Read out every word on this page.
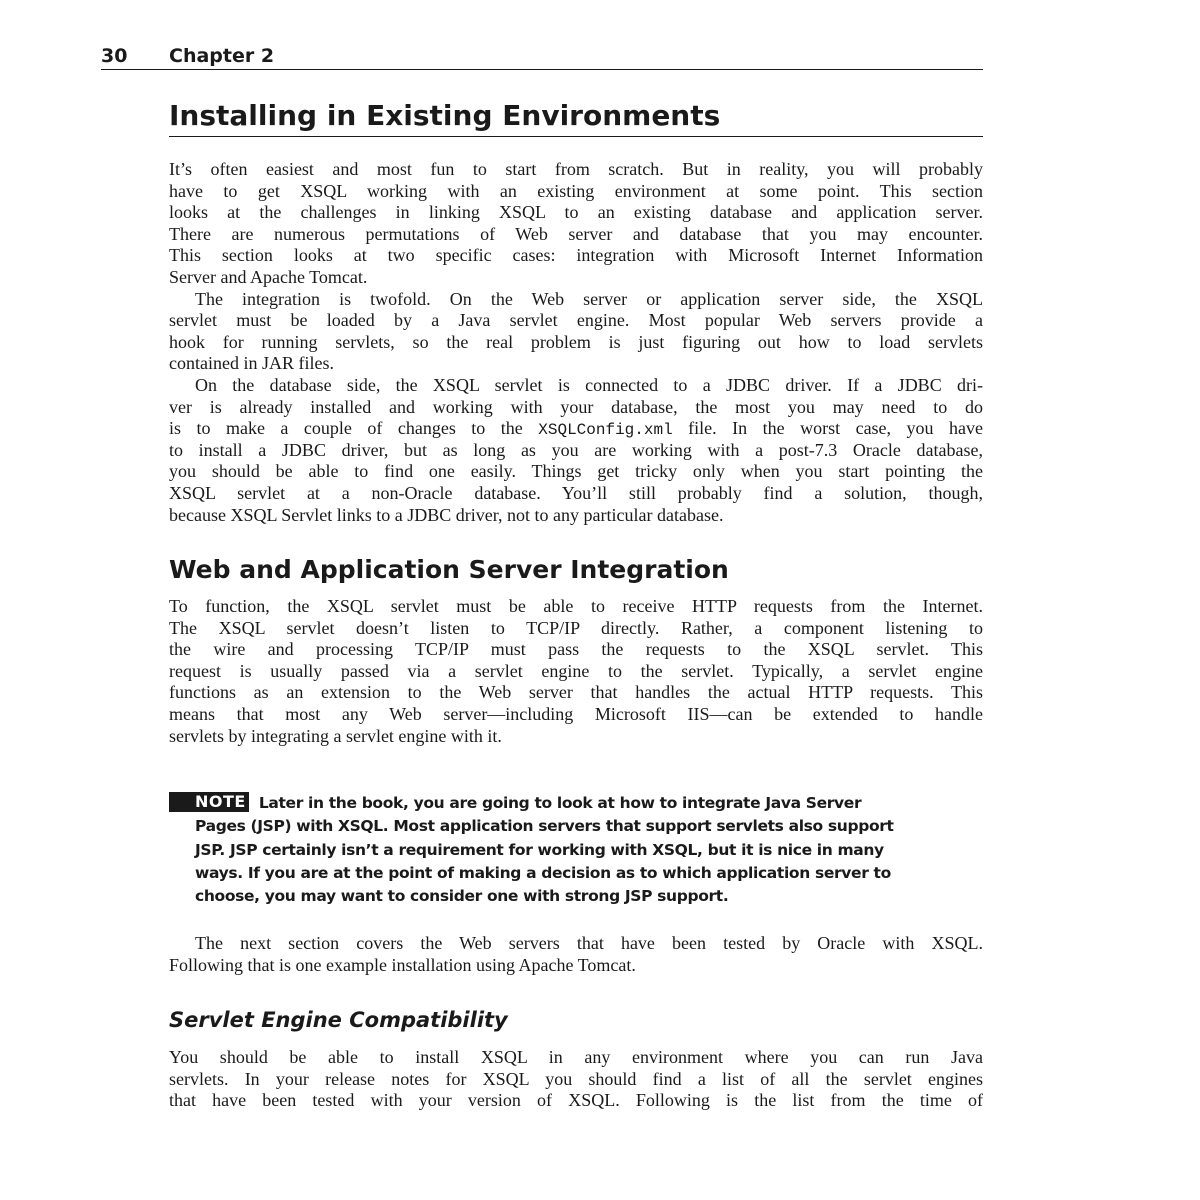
30 Chapter 2
Installing in Existing Environments
It’s often easiest and most fun to start from scratch. But in reality, you will probably
have to get XSQL working with an existing environment at some point. This section
looks at the challenges in linking XSQL to an existing database and application server.
There are numerous permutations of Web server and database that you may encounter.
This section looks at two specific cases: integration with Microsoft Internet Information
Server and Apache Tomcat.
The integration is twofold. On the Web server or application server side, the XSQL
servlet must be loaded by a Java servlet engine. Most popular Web servers provide a
hook for running servlets, so the real problem is just figuring out how to load servlets
contained in JAR files.
On the database side, the XSQL servlet is connected to a JDBC driver. If a JDBC dri-
ver is already installed and working with your database, the most you may need to do
is to make a couple of changes to the XSQLConfig.xml file. In the worst case, you have
to install a JDBC driver, but as long as you are working with a post-7.3 Oracle database,
you should be able to find one easily. Things get tricky only when you start pointing the
XSQL servlet at a non-Oracle database. You’ll still probably find a solution, though,
because XSQL Servlet links to a JDBC driver, not to any particular database.
Web and Application Server Integration
To function, the XSQL servlet must be able to receive HTTP requests from the Internet.
The XSQL servlet doesn’t listen to TCP/IP directly. Rather, a component listening to
the wire and processing TCP/IP must pass the requests to the XSQL servlet. This
request is usually passed via a servlet engine to the servlet. Typically, a servlet engine
functions as an extension to the Web server that handles the actual HTTP requests. This
means that most any Web server—including Microsoft IIS—can be extended to handle
servlets by integrating a servlet engine with it.
NOTE Later in the book, you are going to look at how to integrate Java Server
Pages (JSP) with XSQL. Most application servers that support servlets also support
JSP. JSP certainly isn’t a requirement for working with XSQL, but it is nice in many
ways. If you are at the point of making a decision as to which application server to
choose, you may want to consider one with strong JSP support.
The next section covers the Web servers that have been tested by Oracle with XSQL.
Following that is one example installation using Apache Tomcat.
Servlet Engine Compatibility
You should be able to install XSQL in any environment where you can run Java
servlets. In your release notes for XSQL you should find a list of all the servlet engines
that have been tested with your version of XSQL. Following is the list from the time of
